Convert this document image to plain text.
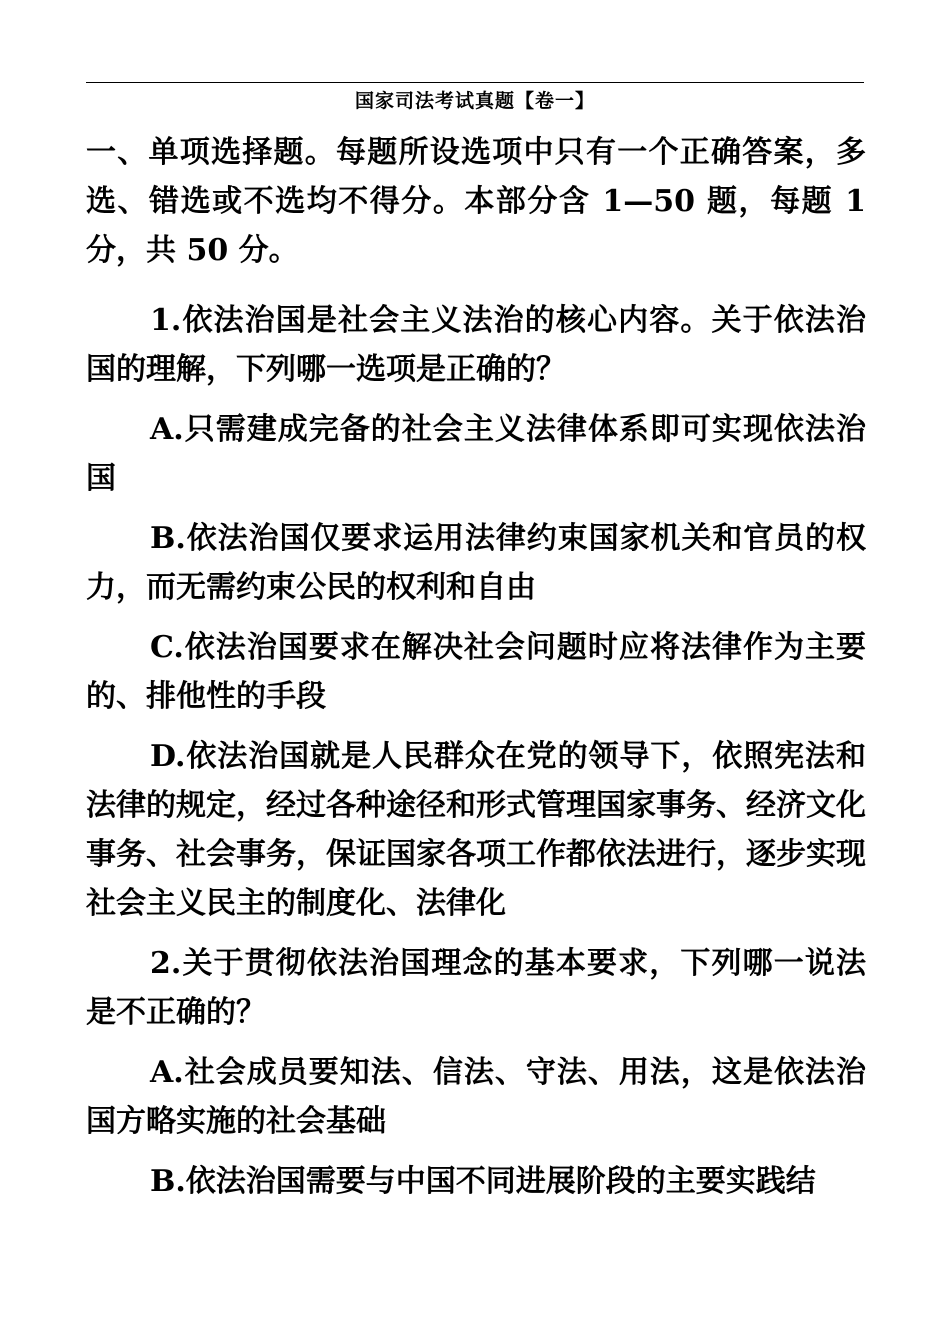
国家司法考试真题【卷一】

一、单项选择题。每题所设选项中只有一个正确答案，多选、错选或不选均不得分。本部分含 1—50 题，每题 1 分，共 50 分。

1.依法治国是社会主义法治的核心内容。关于依法治国的理解，下列哪一选项是正确的？

A.只需建成完备的社会主义法律体系即可实现依法治国

B.依法治国仅要求运用法律约束国家机关和官员的权力，而无需约束公民的权利和自由

C.依法治国要求在解决社会问题时应将法律作为主要的、排他性的手段

D.依法治国就是人民群众在党的领导下，依照宪法和法律的规定，经过各种途径和形式管理国家事务、经济文化事务、社会事务，保证国家各项工作都依法进行，逐步实现社会主义民主的制度化、法律化

2.关于贯彻依法治国理念的基本要求，下列哪一说法是不正确的？

A.社会成员要知法、信法、守法、用法，这是依法治国方略实施的社会基础

B.依法治国需要与中国不同进展阶段的主要实践结
